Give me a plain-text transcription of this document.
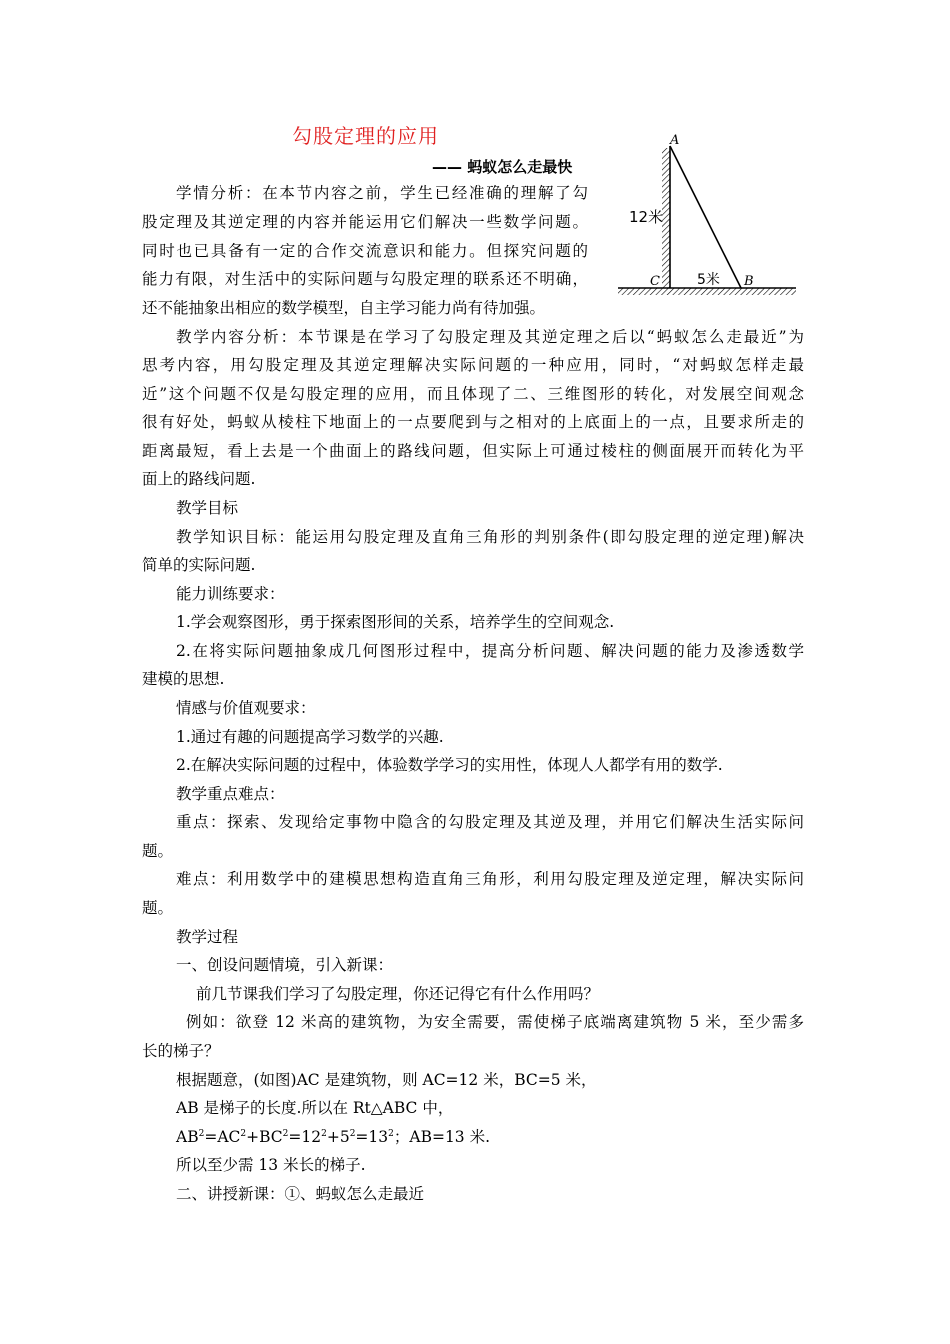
勾股定理的应用
—— 蚂蚁怎么走最快
A
C	B
12米
5米
学情分析：在本节内容之前，学生已经准确的理解了勾
股定理及其逆定理的内容并能运用它们解决一些数学问题。
同时也已具备有一定的合作交流意识和能力。但探究问题的
能力有限，对生活中的实际问题与勾股定理的联系还不明确，
还不能抽象出相应的数学模型，自主学习能力尚有待加强。
教学内容分析：本节课是在学习了勾股定理及其逆定理之后以“蚂蚁怎么走最近”为
思考内容，用勾股定理及其逆定理解决实际问题的一种应用，同时，“对蚂蚁怎样走最
近”这个问题不仅是勾股定理的应用，而且体现了二、三维图形的转化，对发展空间观念
很有好处，蚂蚁从棱柱下地面上的一点要爬到与之相对的上底面上的一点，且要求所走的
距离最短，看上去是一个曲面上的路线问题，但实际上可通过棱柱的侧面展开而转化为平
面上的路线问题.
教学目标
教学知识目标：能运用勾股定理及直角三角形的判别条件(即勾股定理的逆定理)解决
简单的实际问题.
能力训练要求：
1.学会观察图形，勇于探索图形间的关系，培养学生的空间观念.
2.在将实际问题抽象成几何图形过程中，提高分析问题、解决问题的能力及渗透数学
建模的思想.
情感与价值观要求：
1.通过有趣的问题提高学习数学的兴趣.
2.在解决实际问题的过程中，体验数学学习的实用性，体现人人都学有用的数学.
教学重点难点：
重点：探索、发现给定事物中隐含的勾股定理及其逆及理，并用它们解决生活实际问
题。
难点：利用数学中的建模思想构造直角三角形，利用勾股定理及逆定理，解决实际问
题。
教学过程
一、创设问题情境，引入新课：
前几节课我们学习了勾股定理，你还记得它有什么作用吗？
例如：欲登 12 米高的建筑物，为安全需要，需使梯子底端离建筑物 5 米，至少需多
长的梯子？
根据题意，(如图)AC 是建筑物，则 AC=12 米，BC=5 米，
AB 是梯子的长度.所以在 Rt△ABC 中，
$AB^2=AC^2+BC^2=12^2+5^2=13^2$；AB=13 米.
所以至少需 13 米长的梯子.
二、讲授新课：①、蚂蚁怎么走最近
